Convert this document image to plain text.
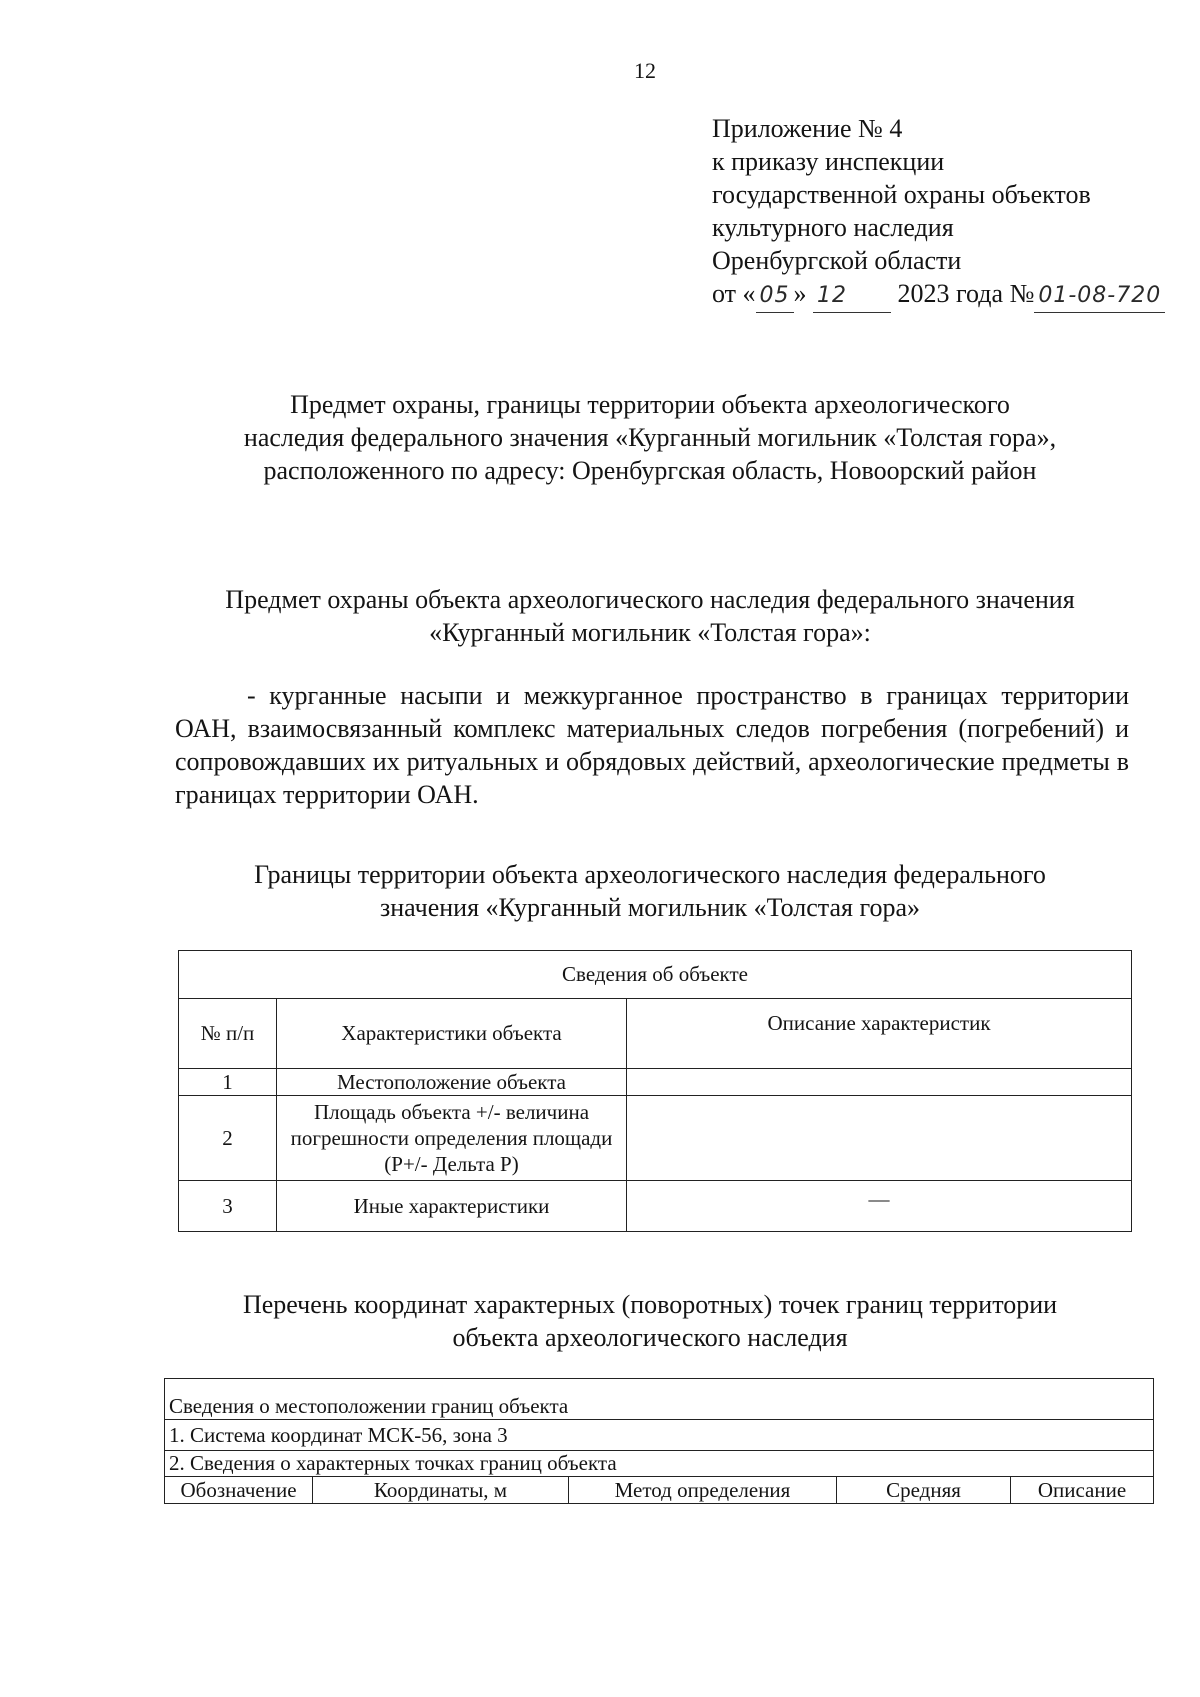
12
Приложение № 4
к приказу инспекции
государственной охраны объектов
культурного наследия
Оренбургской области
от « 05 » 12 2023 года № 01-08-720
Предмет охраны, границы территории объекта археологического
наследия федерального значения «Курганный могильник «Толстая гора»,
расположенного по адресу: Оренбургская область, Новоорский район
Предмет охраны объекта археологического наследия федерального значения
«Курганный могильник «Толстая гора»:
- курганные насыпи и межкурганное пространство в границах территории ОАН, взаимосвязанный комплекс материальных следов погребения (погребений) и сопровождавших их ритуальных и обрядовых действий, археологические предметы в границах территории ОАН.
Границы территории объекта археологического наследия федерального
значения «Курганный могильник «Толстая гора»
Сведения об объекте		
№ п/п	Характеристики объекта	Описание характеристик
1	Местоположение объекта	
2	Площадь объекта +/- величина погрешности определения площади (Р+/- Дельта Р)	
3	Иные характеристики	—
Перечень координат характерных (поворотных) точек границ территории
объекта археологического наследия
Сведения о местоположении границ объекта
1. Система координат МСК-56, зона 3
2. Сведения о характерных точках границ объекта
Обозначение	Координаты, м	Метод определения	Средняя	Описание
